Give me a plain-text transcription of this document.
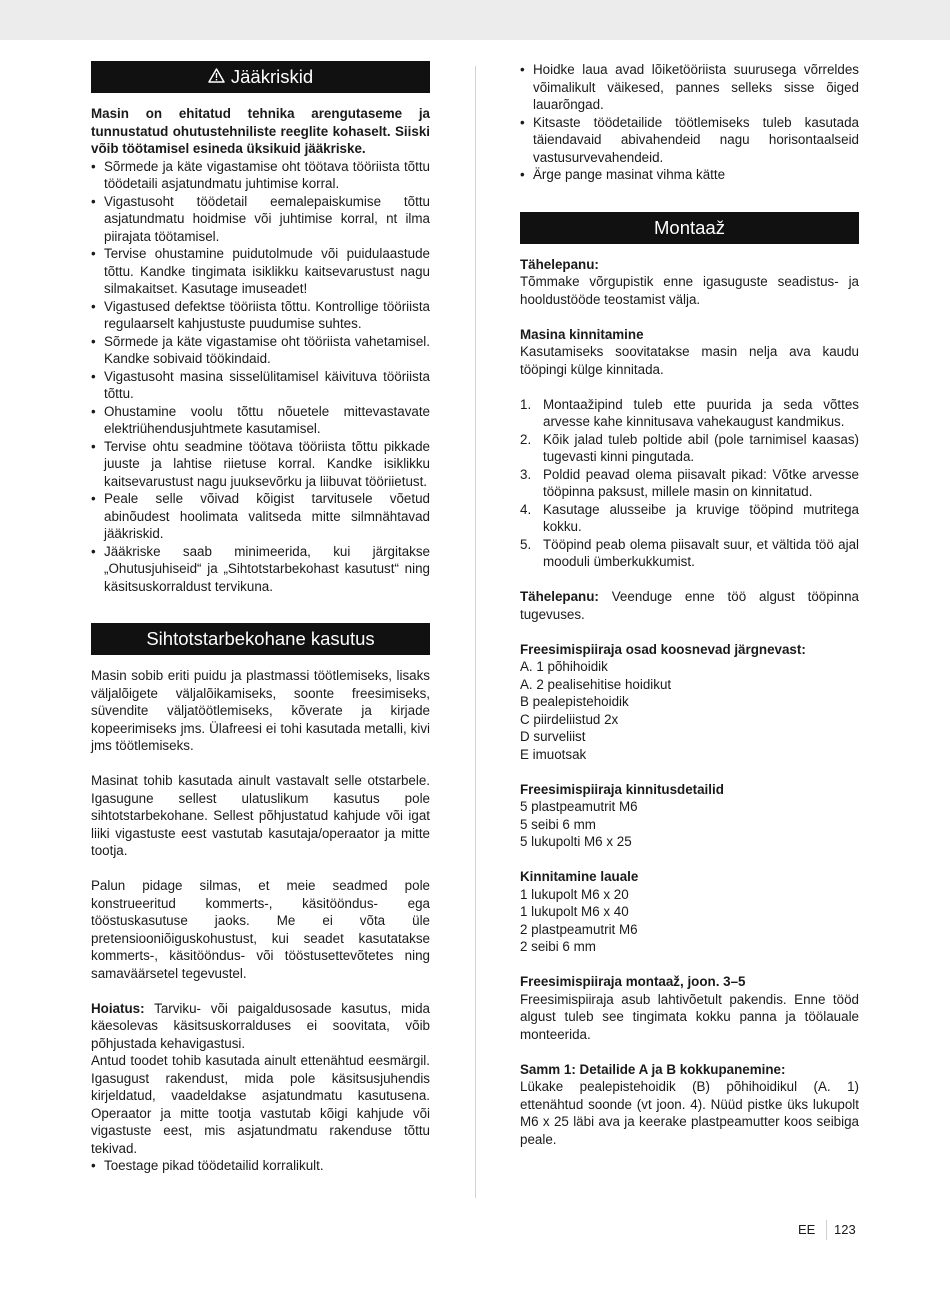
Jääkriskid

Masin on ehitatud tehnika arengutaseme ja tunnustatud ohutustehniliste reeglite kohaselt. Siiski võib töötamisel esineda üksikuid jääkriske.

• Sõrmede ja käte vigastamise oht töötava tööriista tõttu töödetaili asjatundmatu juhtimise korral.
• Vigastusoht töödetail eemalepaiskumise tõttu asjatundmatu hoidmise või juhtimise korral, nt ilma piirajata töötamisel.
• Tervise ohustamine puidutolmude või puidulaastude tõttu. Kandke tingimata isiklikku kaitsevarustust nagu silmakaitset. Kasutage imuseadet!
• Vigastused defektse tööriista tõttu. Kontrollige tööriista regulaarselt kahjustuste puudumise suhtes.
• Sõrmede ja käte vigastamise oht tööriista vahetamisel. Kandke sobivaid töökindaid.
• Vigastusoht masina sisselülitamisel käivituva tööriista tõttu.
• Ohustamine voolu tõttu nõuetele mittevastavate elektriühendusjuhtmete kasutamisel.
• Tervise ohtu seadmine töötava tööriista tõttu pikkade juuste ja lahtise riietuse korral. Kandke isiklikku kaitsevarustust nagu juuksevõrku ja liibuvat tööriietust.
• Peale selle võivad kõigist tarvitusele võetud abinõudest hoolimata valitseda mitte silmnähtavad jääkriskid.
• Jääkriske saab minimeerida, kui järgitakse „Ohutusjuhiseid“ ja „Sihtotstarbekohast kasutust“ ning käsitsuskorraldust tervikuna.
Sihtotstarbekohane kasutus

Masin sobib eriti puidu ja plastmassi töötlemiseks, lisaks väljalõigete väljalõikamiseks, soonte freesimiseks, süvendite väljatöötlemiseks, kõverate ja kirjade kopeerimiseks jms. Ülafreesi ei tohi kasutada metalli, kivi jms töötlemiseks.

Masinat tohib kasutada ainult vastavalt selle otstarbele. Igasugune sellest ulatuslikum kasutus pole sihtotstarbekohane. Sellest põhjustatud kahjude või igat liiki vigastuste eest vastutab kasutaja/operaator ja mitte tootja.

Palun pidage silmas, et meie seadmed pole konstrueeritud kommerts-, käsitööndus- ega tööstuskasutuse jaoks. Me ei võta üle pretensiooniõiguskohustust, kui seadet kasutatakse kommerts-, käsitööndus- või tööstusettevõtetes ning samaväärsetel tegevustel.

Hoiatus: Tarviku- või paigaldusosade kasutus, mida käesolevas käsitsuskorralduses ei soovitata, võib põhjustada kehavigastusi.

Antud toodet tohib kasutada ainult ettenähtud eesmärgil. Igasugust rakendust, mida pole käsitsusjuhendis kirjeldatud, vaadeldakse asjatundmatu kasutusena. Operaator ja mitte tootja vastutab kõigi kahjude või vigastuste eest, mis asjatundmatu rakenduse tõttu tekivad.

• Toestage pikad töödetailid korralikult.
• Hoidke laua avad lõiketööriista suurusega võrreldes võimalikult väikesed, pannes selleks sisse õiged lauarõngad.
• Kitsaste töödetailide töötlemiseks tuleb kasutada täiendavaid abivahendeid nagu horisontaalseid vastusurvevahendeid.
• Ärge pange masinat vihma kätte
Montaaž

Tähelepanu:

Tõmmake võrgupistik enne igasuguste seadistus- ja hooldustööde teostamist välja.

Masina kinnitamine

Kasutamiseks soovitatakse masin nelja ava kaudu tööpingi külge kinnitada.

1. Montaažipind tuleb ette puurida ja seda võttes arvesse kahe kinnitusava vahekaugust kandmikus.
2. Kõik jalad tuleb poltide abil (pole tarnimisel kaasas) tugevasti kinni pingutada.
3. Poldid peavad olema piisavalt pikad: Võtke arvesse tööpinna paksust, millele masin on kinnitatud.
4. Kasutage alusseibe ja kruvige tööpind mutritega kokku.
5. Tööpind peab olema piisavalt suur, et vältida töö ajal mooduli ümberkukkumist.

Tähelepanu: Veenduge enne töö algust tööpinna tugevuses.

Freesimispiiraja osad koosnevad järgnevast:

A. 1 põhihoidik
A. 2 pealisehitise hoidikut
B pealepistehoidik
C piirdeliistud 2x
D surveliist
E imuotsak

Freesimispiiraja kinnitusdetailid

5 plastpeamutrit M6
5 seibi 6 mm
5 lukupolti M6 x 25

Kinnitamine lauale

1 lukupolt M6 x 20
1 lukupolt M6 x 40
2 plastpeamutrit M6
2 seibi 6 mm

Freesimispiiraja montaaž, joon. 3–5

Freesimispiiraja asub lahtivõetult pakendis. Enne tööd algust tuleb see tingimata kokku panna ja töölauale monteerida.

Samm 1: Detailide A ja B kokkupanemine:

Lükake pealepistehoidik (B) põhihoidikul (A. 1) ettenähtud soonde (vt joon. 4). Nüüd pistke üks lukupolt M6 x 25 läbi ava ja keerake plastpeamutter koos seibiga peale.

EE 123
